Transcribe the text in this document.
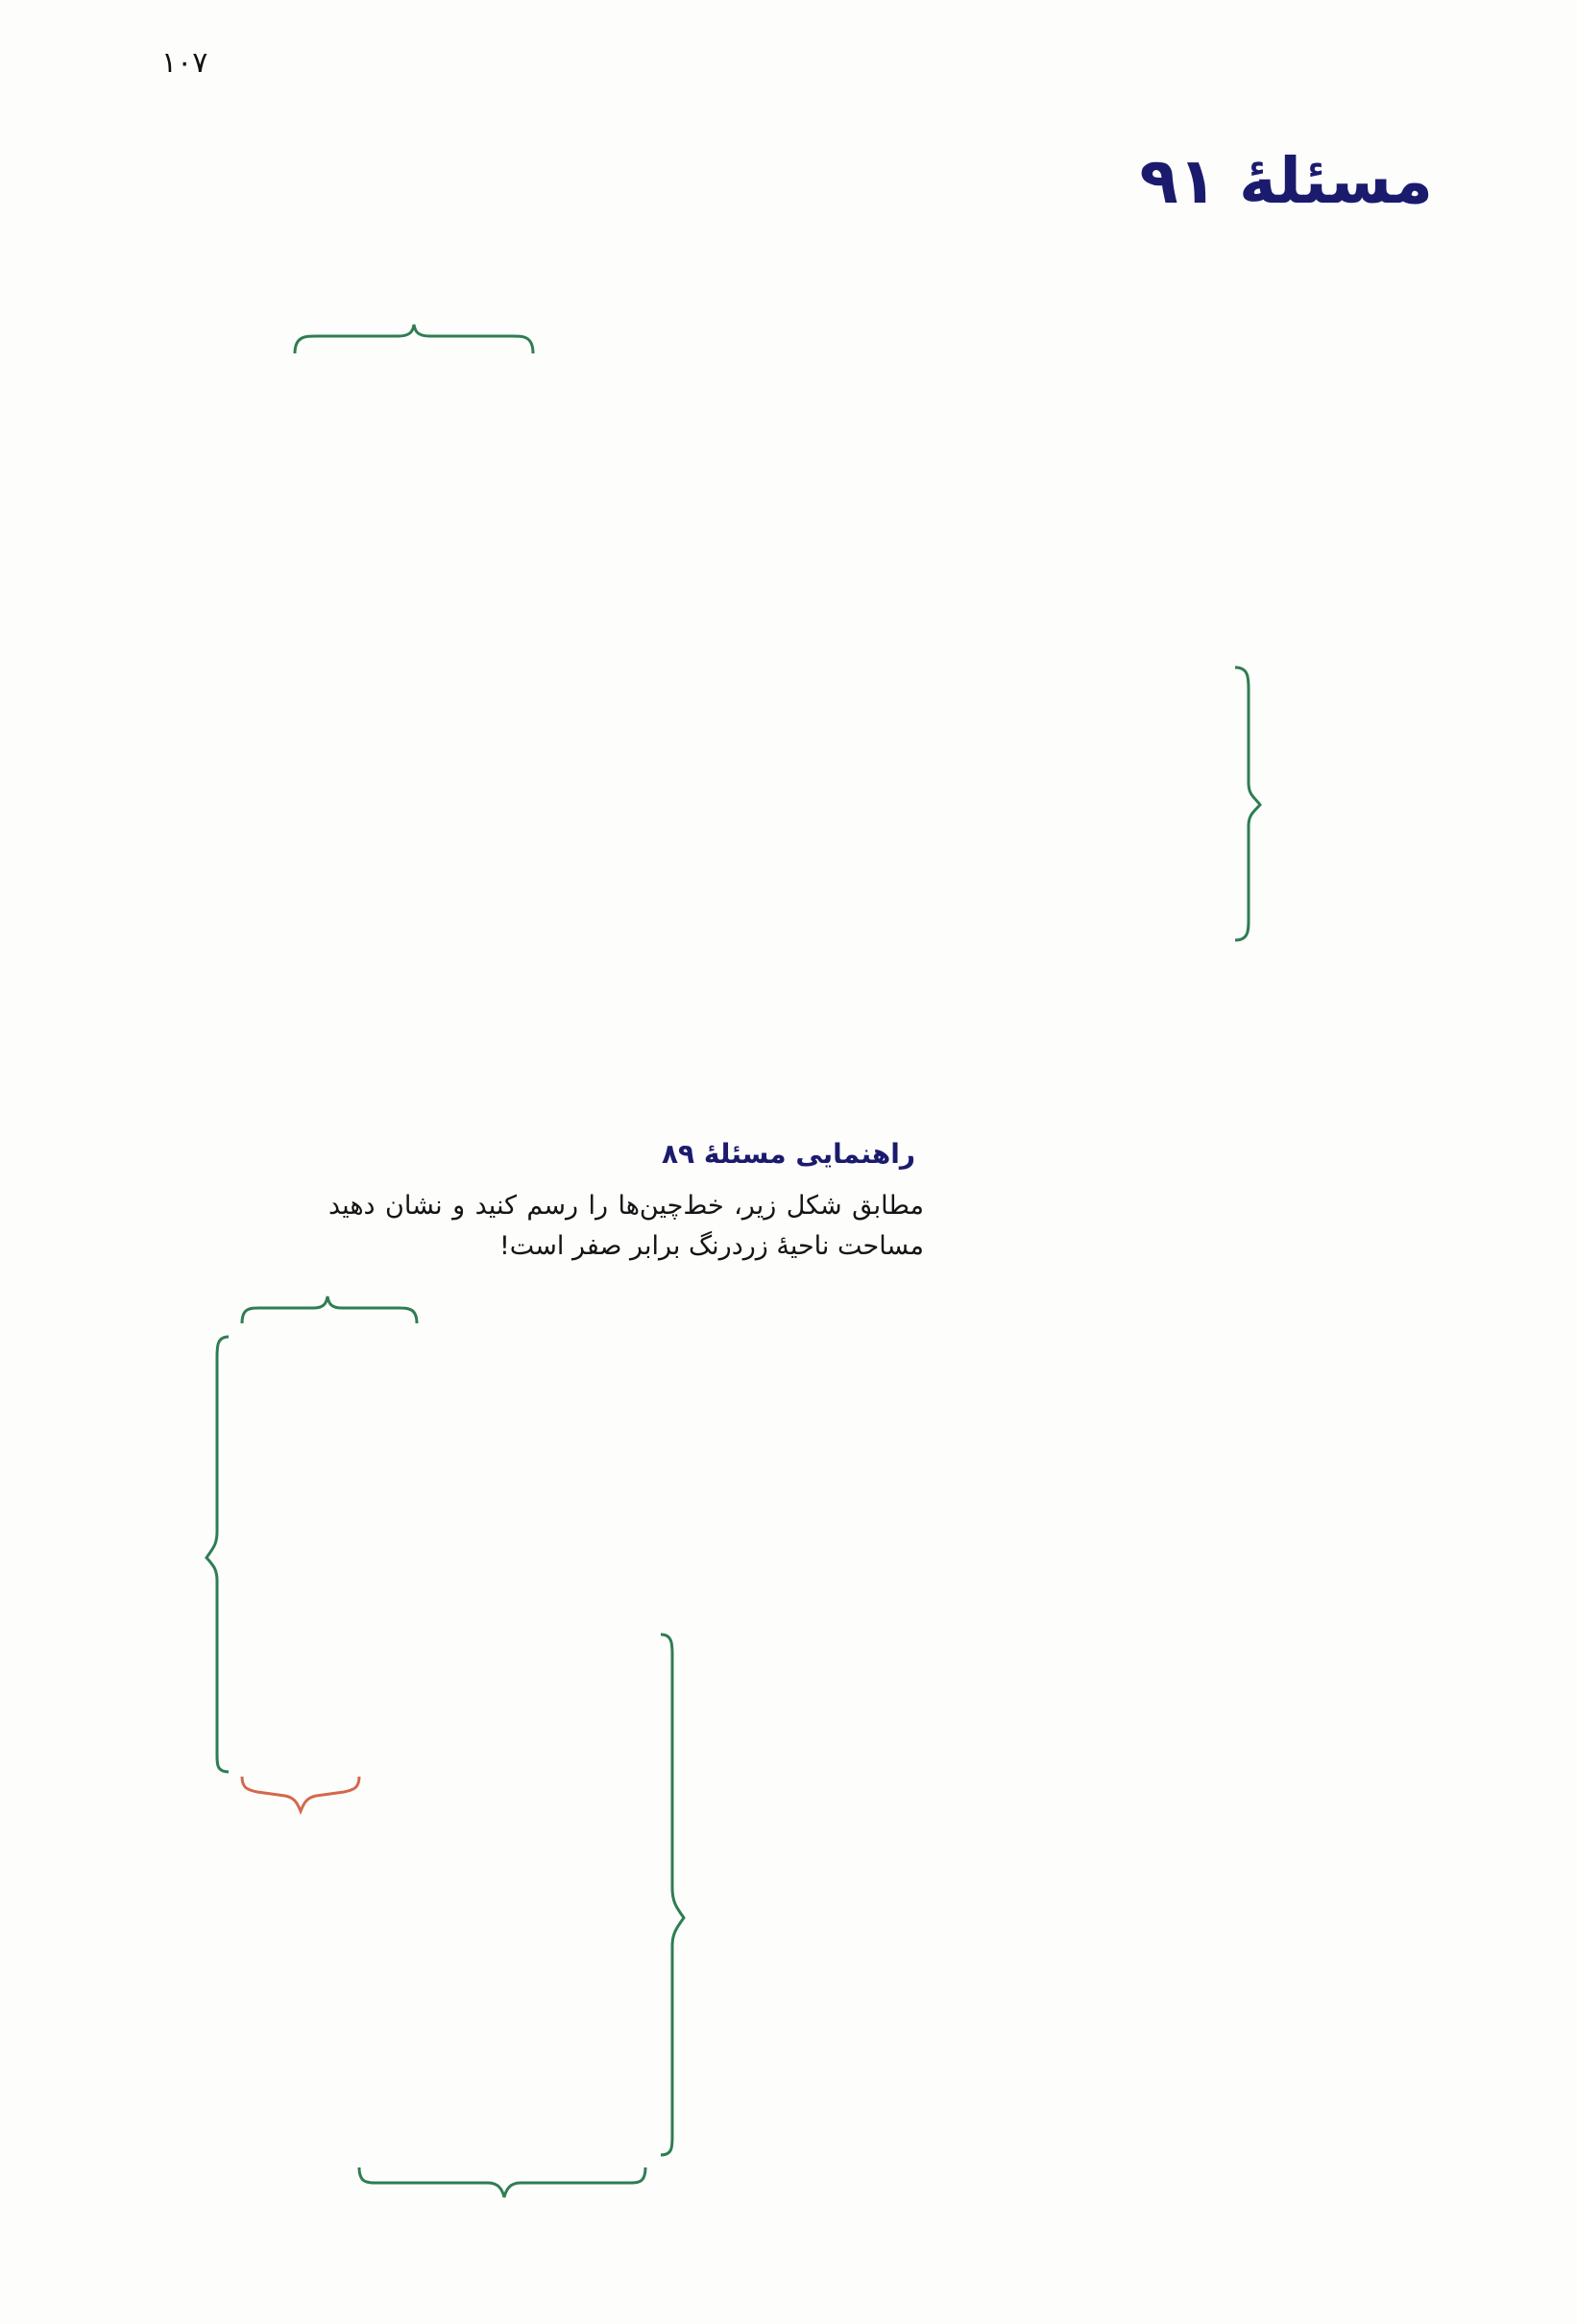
۱۰۷
مسئلۀ ۹۱
راهنمایی مسئلۀ ۸۹
مطابق شکل زیر، خط‌چین‌ها را رسم کنید و نشان دهید مساحت ناحیۀ زردرنگ برابر صفر است!
